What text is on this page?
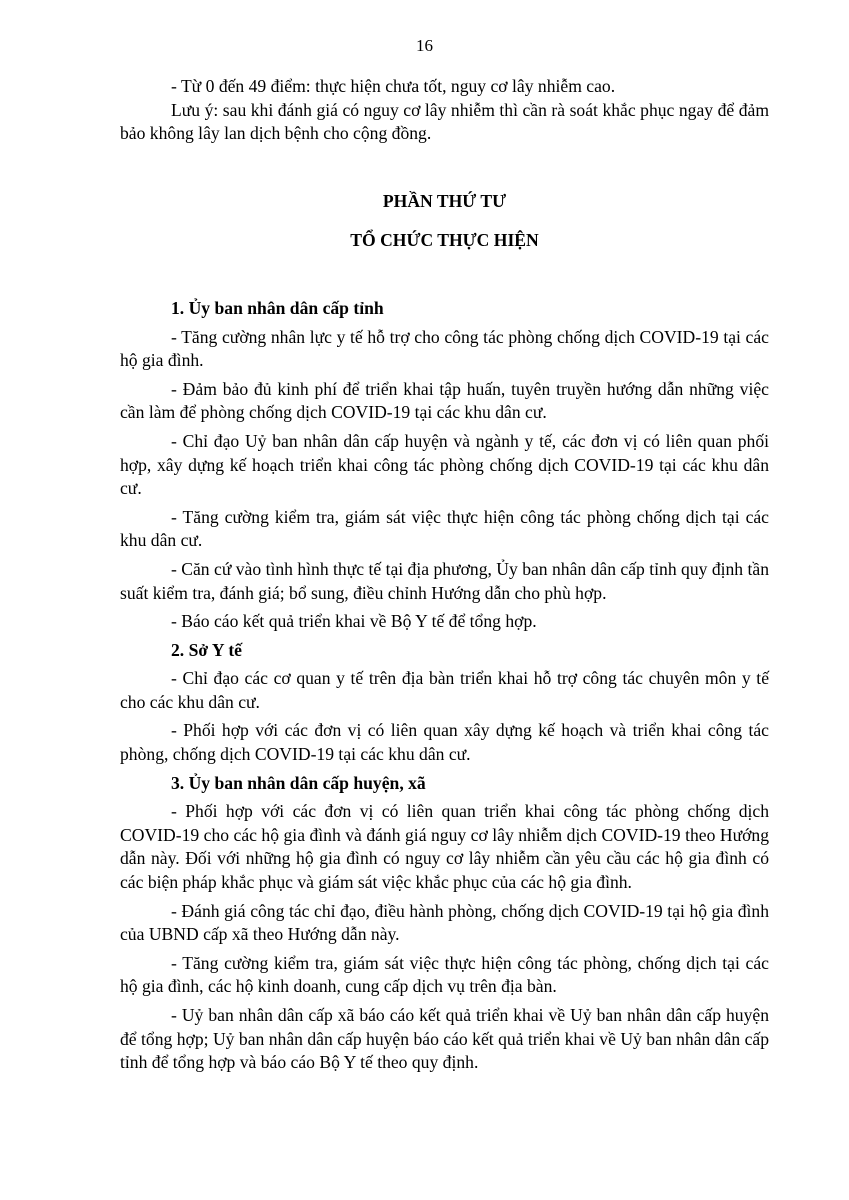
16

- Từ 0 đến 49 điểm: thực hiện chưa tốt, nguy cơ lây nhiễm cao.

Lưu ý: sau khi đánh giá có nguy cơ lây nhiễm thì cần rà soát khắc phục ngay để đảm bảo không lây lan dịch bệnh cho cộng đồng.

PHẦN THỨ TƯ

TỔ CHỨC THỰC HIỆN

1. Ủy ban nhân dân cấp tỉnh

- Tăng cường nhân lực y tế hỗ trợ cho công tác phòng chống dịch COVID-19 tại các hộ gia đình.

- Đảm bảo đủ kinh phí để triển khai tập huấn, tuyên truyền hướng dẫn những việc cần làm để phòng chống dịch COVID-19 tại các khu dân cư.

- Chỉ đạo Uỷ ban nhân dân cấp huyện và ngành y tế, các đơn vị có liên quan phối hợp, xây dựng kế hoạch triển khai công tác phòng chống dịch COVID-19 tại các khu dân cư.

- Tăng cường kiểm tra, giám sát việc thực hiện công tác phòng chống dịch tại các khu dân cư.

- Căn cứ vào tình hình thực tế tại địa phương, Ủy ban nhân dân cấp tỉnh quy định tần suất kiểm tra, đánh giá; bổ sung, điều chỉnh Hướng dẫn cho phù hợp.

- Báo cáo kết quả triển khai về Bộ Y tế để tổng hợp.

2. Sở Y tế

- Chỉ đạo các cơ quan y tế trên địa bàn triển khai hỗ trợ công tác chuyên môn y tế cho các khu dân cư.

- Phối hợp với các đơn vị có liên quan xây dựng kế hoạch và triển khai công tác phòng, chống dịch COVID-19 tại các khu dân cư.

3. Ủy ban nhân dân cấp huyện, xã

- Phối hợp với các đơn vị có liên quan triển khai công tác phòng chống dịch COVID-19 cho các hộ gia đình và đánh giá nguy cơ lây nhiễm dịch COVID-19 theo Hướng dẫn này. Đối với những hộ gia đình có nguy cơ lây nhiễm cần yêu cầu các hộ gia đình có các biện pháp khắc phục và giám sát việc khắc phục của các hộ gia đình.

- Đánh giá công tác chỉ đạo, điều hành phòng, chống dịch COVID-19 tại hộ gia đình của UBND cấp xã theo Hướng dẫn này.

- Tăng cường kiểm tra, giám sát việc thực hiện công tác phòng, chống dịch tại các hộ gia đình, các hộ kinh doanh, cung cấp dịch vụ trên địa bàn.

- Uỷ ban nhân dân cấp xã báo cáo kết quả triển khai về Uỷ ban nhân dân cấp huyện để tổng hợp; Uỷ ban nhân dân cấp huyện báo cáo kết quả triển khai về Uỷ ban nhân dân cấp tỉnh để tổng hợp và báo cáo Bộ Y tế theo quy định.
